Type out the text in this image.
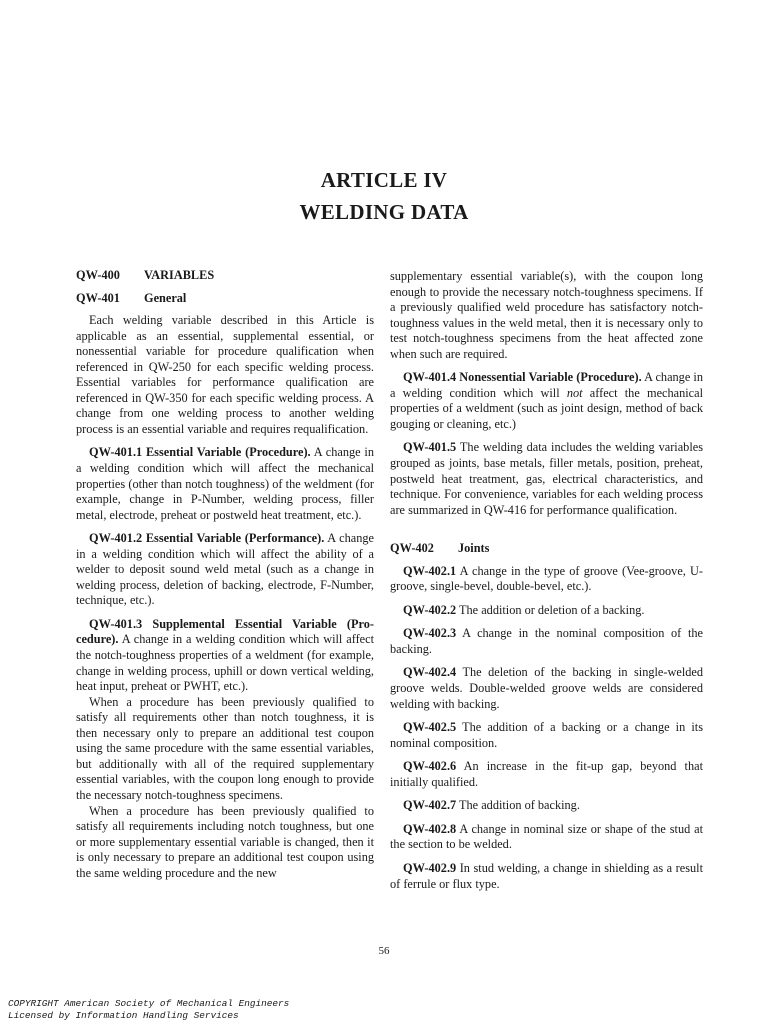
ARTICLE IV
WELDING DATA
QW-400 VARIABLES
QW-401 General

Each welding variable described in this Article is applicable as an essential, supplemental essential, or nonessential variable for procedure qualification when referenced in QW-250 for each specific welding process. Essential variables for performance qualification are referenced in QW-350 for each specific welding process. A change from one welding process to another welding process is an essential variable and requires requalification.

QW-401.1 Essential Variable (Procedure). A change in a welding condition which will affect the mechanical properties (other than notch toughness) of the weldment (for example, change in P-Number, welding process, filler metal, electrode, preheat or postweld heat treatment, etc.).

QW-401.2 Essential Variable (Performance). A change in a welding condition which will affect the ability of a welder to deposit sound weld metal (such as a change in welding process, deletion of backing, electrode, F-Number, technique, etc.).

QW-401.3 Supplemental Essential Variable (Procedure). A change in a welding condition which will affect the notch-toughness properties of a weldment (for example, change in welding process, uphill or down vertical welding, heat input, preheat or PWHT, etc.).

When a procedure has been previously qualified to satisfy all requirements other than notch toughness, it is then necessary only to prepare an additional test coupon using the same procedure with the same essential variables, but additionally with all of the required supplementary essential variables, with the coupon long enough to provide the necessary notch-toughness specimens.

When a procedure has been previously qualified to satisfy all requirements including notch toughness, but one or more supplementary essential variable is changed, then it is only necessary to prepare an additional test coupon using the same welding procedure and the new

supplementary essential variable(s), with the coupon long enough to provide the necessary notch-toughness specimens. If a previously qualified weld procedure has satisfactory notch-toughness values in the weld metal, then it is necessary only to test notch-toughness specimens from the heat affected zone when such are required.

QW-401.4 Nonessential Variable (Procedure). A change in a welding condition which will not affect the mechanical properties of a weldment (such as joint design, method of back gouging or cleaning, etc.)

QW-401.5 The welding data includes the welding variables grouped as joints, base metals, filler metals, position, preheat, postweld heat treatment, gas, electrical characteristics, and technique. For convenience, variables for each welding process are summarized in QW-416 for performance qualification.

QW-402 Joints

QW-402.1 A change in the type of groove (Vee-groove, U-groove, single-bevel, double-bevel, etc.).

QW-402.2 The addition or deletion of a backing.

QW-402.3 A change in the nominal composition of the backing.

QW-402.4 The deletion of the backing in single-welded groove welds. Double-welded groove welds are considered welding with backing.

QW-402.5 The addition of a backing or a change in its nominal composition.

QW-402.6 An increase in the fit-up gap, beyond that initially qualified.

QW-402.7 The addition of backing.

QW-402.8 A change in nominal size or shape of the stud at the section to be welded.

QW-402.9 In stud welding, a change in shielding as a result of ferrule or flux type.

56
COPYRIGHT American Society of Mechanical Engineers
Licensed by Information Handling Services
